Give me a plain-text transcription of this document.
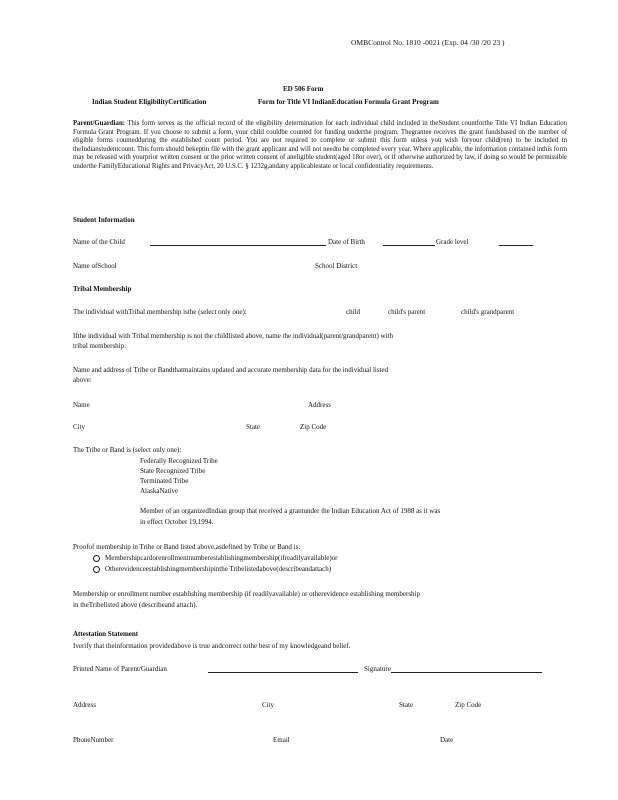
OMBControl No. 1810 -0021 (Exp. 04 /30 /20 23 )
ED 506 Form
Indian Student EligibilityCertification	Form for Title VI IndianEducation Formula Grant Program
Parent/Guardian: This form serves as the official record of the eligibility determination for each individual child included in theStudent countforthe Title VI Indian Education Formula Grant Program. If you choose to submit a form, your child couldbe counted for funding underthe program. Thegrantee receives the grant fundsbased on the number of eligible forms countedduring the established count period. You are not required to complete or submit this form unless you wish foryour child(ren) to be included in theIndianstudentcount. This form should bekeptin file with the grant applicant and will not needto be completed every year. Where applicable, the information contained inthis form may be released with yourprior written consent or the prior written consent of aneligible student(aged 18or over), or if otherwise authorized by law, if doing so would be permissible underthe FamilyEducational Rights and PrivacyAct, 20 U.S.C. § 1232g,andany applicablestate or local confidentiality requirements.
Student Information
Name of the Child	Date of Birth	Grade level
Name ofSchool	School District
Tribal Membership
The individual withTribal membership isthe (select only one):	child	child's parent	child's grandparent
Ifthe individual with Tribal membership is not the childlisted above, name the individual(parent/grandparent) with
tribal membership:
Name and address of Tribe or Bandthatmaintains updated and accurate membership data for the individual listed
above:
Name	Address
City	State	Zip Code
The Tribe or Band is (select only one):
Federally Recognized Tribe
State Recognized Tribe
Terminated Tribe
AlaskaNative
Member of an organizedIndian group that received a grantunder the Indian Education Act of 1988 as it was
in effect October 19,1994.
Proofof membership in Tribe or Band listed above,asdefined by Tribe or Band is:
Membershipcardorenrollmentnumberestablishingmembership(ifreadilyavailable)or
Otherevidenceestablishingmembershipinthe Tribelistedabove(describeandattach)
Membership or enrollment number establishing membership (if readilyavailable) or otherevidence establishing membership
in theTribelisted above (describeand attach).
Attestation Statement
Iverify that theinformation providedabove is true andcorrect tothe best of my knowledgeand belief.
Printed Name of Parent/Guardian	Signature
Address	City	State	Zip Code
PhoneNumber	Email	Date
